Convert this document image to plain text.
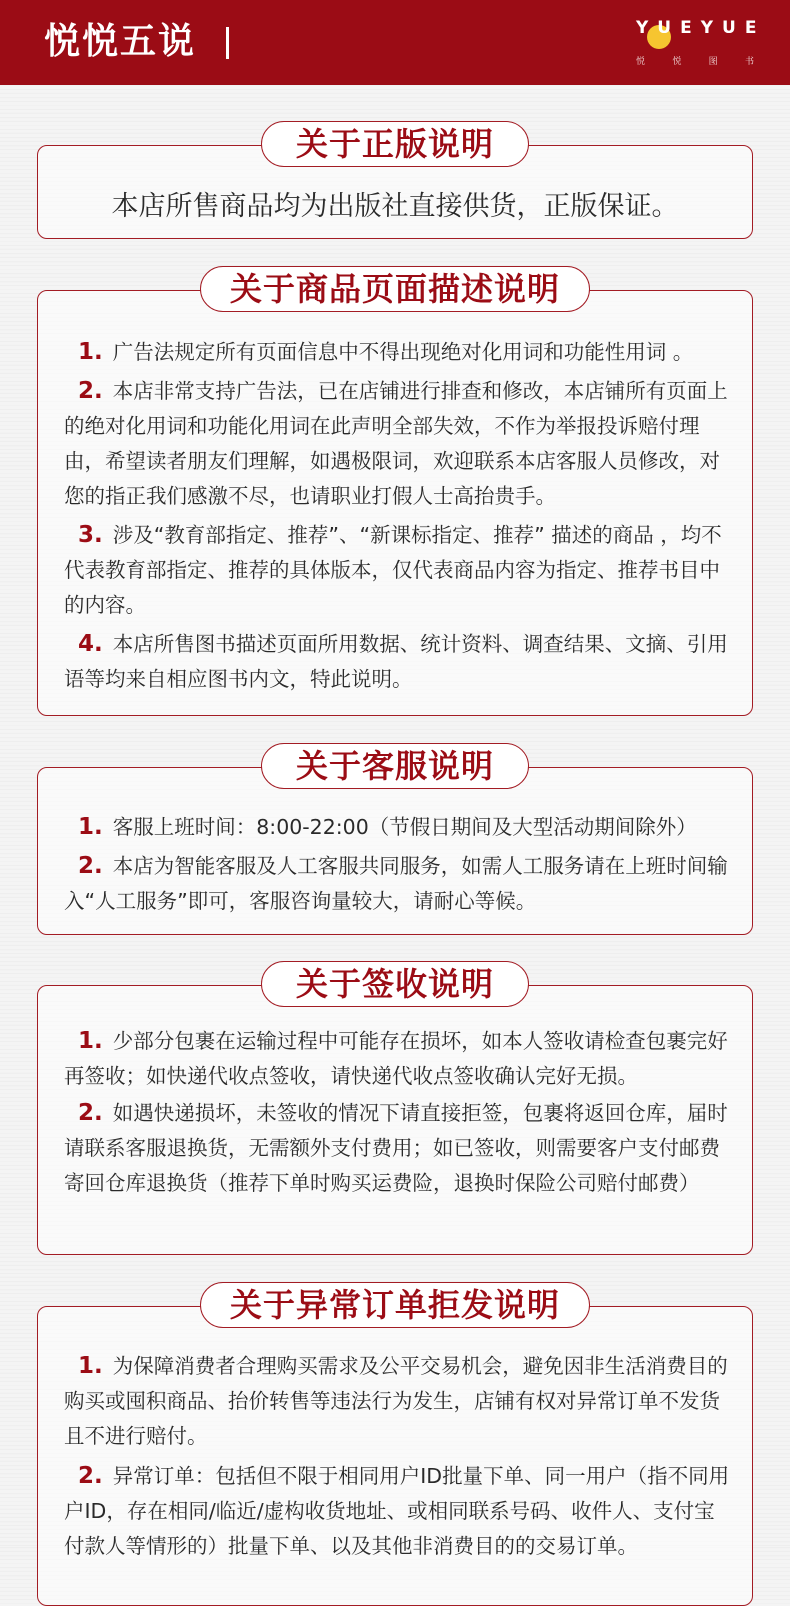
悦悦五说	YUEYUE
悦	悦	图	书
关于正版说明
本店所售商品均为出版社直接供货，正版保证。
关于商品页面描述说明

1. 广告法规定所有页面信息中不得出现绝对化用词和功能性用词 。

2. 本店非常支持广告法，已在店铺进行排查和修改，本店铺所有页面上的绝对化用词和功能化用词在此声明全部失效，不作为举报投诉赔付理由，希望读者朋友们理解，如遇极限词，欢迎联系本店客服人员修改，对您的指正我们感激不尽，也请职业打假人士高抬贵手。

3. 涉及“教育部指定、推荐”、“新课标指定、推荐” 描述的商品 ，均不代表教育部指定、推荐的具体版本，仅代表商品内容为指定、推荐书目中的内容。

4. 本店所售图书描述页面所用数据、统计资料、调查结果、文摘、引用语等均来自相应图书内文，特此说明。

关于客服说明

1. 客服上班时间：8:00-22:00（节假日期间及大型活动期间除外）

2. 本店为智能客服及人工客服共同服务，如需人工服务请在上班时间输入“人工服务”即可，客服咨询量较大，请耐心等候。

关于签收说明

1. 少部分包裹在运输过程中可能存在损坏，如本人签收请检查包裹完好再签收；如快递代收点签收，请快递代收点签收确认完好无损。

2. 如遇快递损坏，未签收的情况下请直接拒签，包裹将返回仓库，届时请联系客服退换货，无需额外支付费用；如已签收，则需要客户支付邮费寄回仓库退换货（推荐下单时购买运费险，退换时保险公司赔付邮费）

关于异常订单拒发说明

1. 为保障消费者合理购买需求及公平交易机会，避免因非生活消费目的购买或囤积商品、抬价转售等违法行为发生，店铺有权对异常订单不发货且不进行赔付。

2. 异常订单：包括但不限于相同用户ID批量下单、同一用户（指不同用户ID，存在相同/临近/虚构收货地址、或相同联系号码、收件人、支付宝付款人等情形的）批量下单、以及其他非消费目的的交易订单。
